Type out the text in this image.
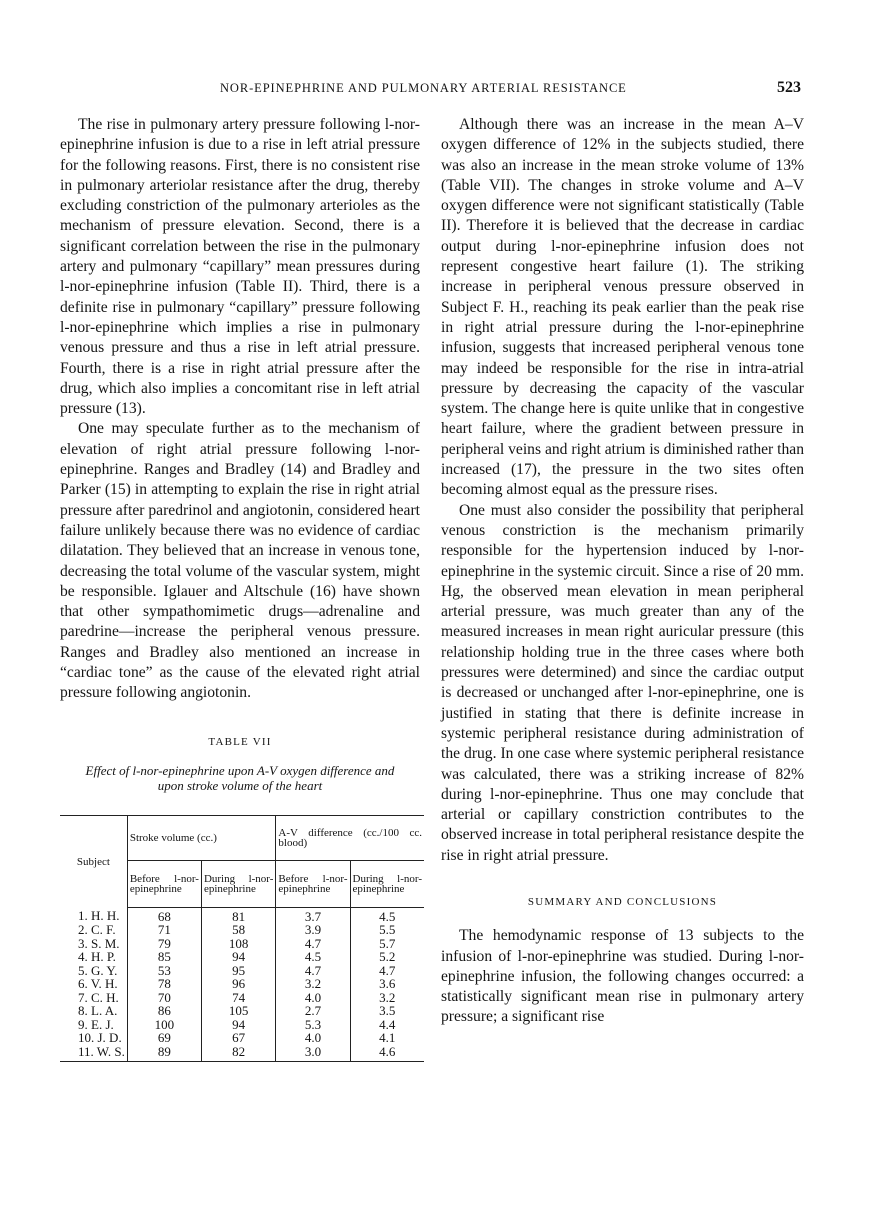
NOR-EPINEPHRINE AND PULMONARY ARTERIAL RESISTANCE	523

The rise in pulmonary artery pressure following l-nor-epinephrine infusion is due to a rise in left atrial pressure for the following reasons. First, there is no consistent rise in pulmonary arteriolar resistance after the drug, thereby excluding constriction of the pulmonary arterioles as the mechanism of pressure elevation. Second, there is a significant correlation between the rise in the pulmonary artery and pulmonary “capillary” mean pressures during l-nor-epinephrine infusion (Table II). Third, there is a definite rise in pulmonary “capillary” pressure following l-nor-epinephrine which implies a rise in pulmonary venous pressure and thus a rise in left atrial pressure. Fourth, there is a rise in right atrial pressure after the drug, which also implies a concomitant rise in left atrial pressure (13).

One may speculate further as to the mechanism of elevation of right atrial pressure following l-nor-epinephrine. Ranges and Bradley (14) and Bradley and Parker (15) in attempting to explain the rise in right atrial pressure after paredrinol and angiotonin, considered heart failure unlikely because there was no evidence of cardiac dilatation. They believed that an increase in venous tone, decreasing the total volume of the vascular system, might be responsible. Iglauer and Altschule (16) have shown that other sympathomimetic drugs—adrenaline and paredrine—increase the peripheral venous pressure. Ranges and Bradley also mentioned an increase in “cardiac tone” as the cause of the elevated right atrial pressure following angiotonin.

TABLE VII
Effect of l-nor-epinephrine upon A-V oxygen difference and upon stroke volume of the heart
Subject	Stroke volume (cc.)		A-V difference (cc./100 cc. blood)	
	Before l-nor-epinephrine	During l-nor-epinephrine	Before l-nor-epinephrine	During l-nor-epinephrine
1. H. H.	68	81	3.7	4.5
2. C. F.	71	58	3.9	5.5
3. S. M.	79	108	4.7	5.7
4. H. P.	85	94	4.5	5.2
5. G. Y.	53	95	4.7	4.7
6. V. H.	78	96	3.2	3.6
7. C. H.	70	74	4.0	3.2
8. L. A.	86	105	2.7	3.5
9. E. J.	100	94	5.3	4.4
10. J. D.	69	67	4.0	4.1
11. W. S.	89	82	3.0	4.6

Although there was an increase in the mean A–V oxygen difference of 12% in the subjects studied, there was also an increase in the mean stroke volume of 13% (Table VII). The changes in stroke volume and A–V oxygen difference were not significant statistically (Table II). Therefore it is believed that the decrease in cardiac output during l-nor-epinephrine infusion does not represent congestive heart failure (1). The striking increase in peripheral venous pressure observed in Subject F. H., reaching its peak earlier than the peak rise in right atrial pressure during the l-nor-epinephrine infusion, suggests that increased peripheral venous tone may indeed be responsible for the rise in intra-atrial pressure by decreasing the capacity of the vascular system. The change here is quite unlike that in congestive heart failure, where the gradient between pressure in peripheral veins and right atrium is diminished rather than increased (17), the pressure in the two sites often becoming almost equal as the pressure rises.

One must also consider the possibility that peripheral venous constriction is the mechanism primarily responsible for the hypertension induced by l-nor-epinephrine in the systemic circuit. Since a rise of 20 mm. Hg, the observed mean elevation in mean peripheral arterial pressure, was much greater than any of the measured increases in mean right auricular pressure (this relationship holding true in the three cases where both pressures were determined) and since the cardiac output is decreased or unchanged after l-nor-epinephrine, one is justified in stating that there is definite increase in systemic peripheral resistance during administration of the drug. In one case where systemic peripheral resistance was calculated, there was a striking increase of 82% during l-nor-epinephrine. Thus one may conclude that arterial or capillary constriction contributes to the observed increase in total peripheral resistance despite the rise in right atrial pressure.

SUMMARY AND CONCLUSIONS

The hemodynamic response of 13 subjects to the infusion of l-nor-epinephrine was studied. During l-nor-epinephrine infusion, the following changes occurred: a statistically significant mean rise in pulmonary artery pressure; a significant rise
